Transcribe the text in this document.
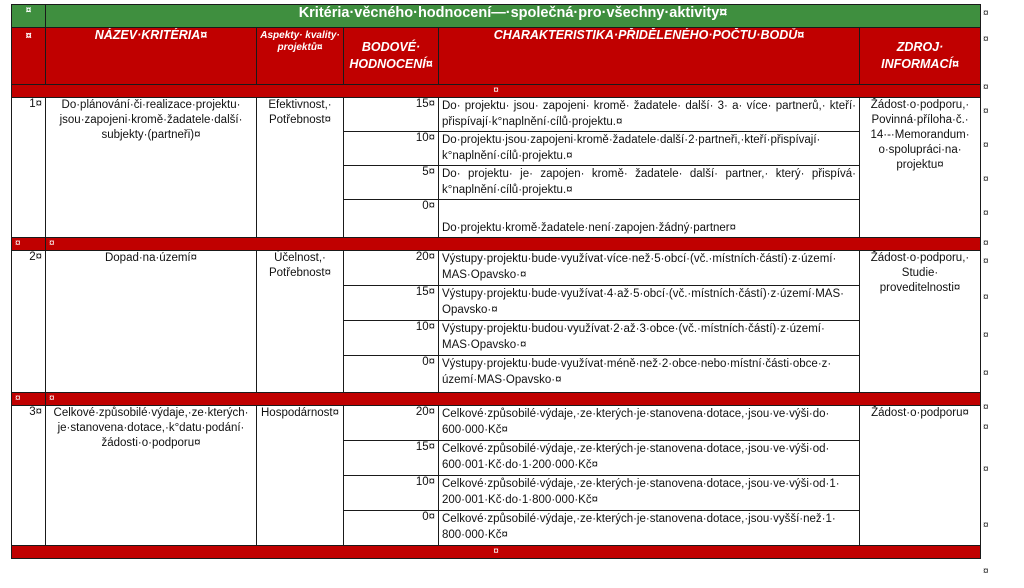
¤	Kritéria·věcného·hodnocení—·společná·pro·všechny·aktivity¤				
¤	NÁZEV·KRITÉRIA¤	Aspekty· kvality· projektů¤	BODOVÉ· HODNOCENÍ¤	CHARAKTERISTIKA·PŘIDĚLENÉHO·POČTU·BODŮ¤	ZDROJ· INFORMACÍ¤
¤					
1¤	Do·plánování·či·realizace·projektu· jsou·zapojeni·kromě·žadatele·další· subjekty·(partneři)¤	Efektivnost,· Potřebnost¤	15¤	Do· projektu· jsou· zapojeni· kromě· žadatele· další· 3· a· více· partnerů,· kteří· přispívají·k°naplnění·cílů·projektu.¤	Žádost·o·podporu,· Povinná·příloha·č.· 14·-·Memorandum· o·spolupráci·na· projektu¤
			10¤	Do·projektu·jsou·zapojeni·kromě·žadatele·další·2·partneři,·kteří·přispívají· k°naplnění·cílů·projektu.¤	
			5¤	Do· projektu· je· zapojen· kromě· žadatele· další· partner,· který· přispívá· k°naplnění·cílů·projektu.¤	
			0¤	Do·projektu·kromě·žadatele·není·zapojen·žádný·partner¤	
¤	¤				
2¤	Dopad·na·území¤	Účelnost,· Potřebnost¤	20¤	Výstupy·projektu·bude·využívat·více·než·5·obcí·(vč.·místních·částí)·z·území· MAS·Opavsko·¤	Žádost·o·podporu,· Studie· proveditelnosti¤
			15¤	Výstupy·projektu·bude·využívat·4·až·5·obcí·(vč.·místních·částí)·z·území·MAS· Opavsko·¤	
			10¤	Výstupy·projektu·budou·využívat·2·až·3·obce·(vč.·místních·částí)·z·území· MAS·Opavsko·¤	
			0¤	Výstupy·projektu·bude·využívat·méně·než·2·obce·nebo·místní·části·obce·z· území·MAS·Opavsko·¤	
¤	¤				
3¤	Celkové·způsobilé·výdaje,·ze·kterých· je·stanovena·dotace,·k°datu·podání· žádosti·o·podporu¤	Hospodárnost¤	20¤	Celkové·způsobilé·výdaje,·ze·kterých·je·stanovena·dotace,·jsou·ve·výši·do· 600·000·Kč¤	Žádost·o·podporu¤
			15¤	Celkové·způsobilé·výdaje,·ze·kterých·je·stanovena·dotace,·jsou·ve·výši·od· 600·001·Kč·do·1·200·000·Kč¤	
			10¤	Celkové·způsobilé·výdaje,·ze·kterých·je·stanovena·dotace,·jsou·ve·výši·od·1· 200·001·Kč·do·1·800·000·Kč¤	
			0¤	Celkové·způsobilé·výdaje,·ze·kterých·je·stanovena·dotace,·jsou·vyšší·než·1· 800·000·Kč¤	
¤					
¤
¤
¤
¤
¤
¤
¤
¤
¤
¤
¤
¤
¤
¤
¤
¤
¤
